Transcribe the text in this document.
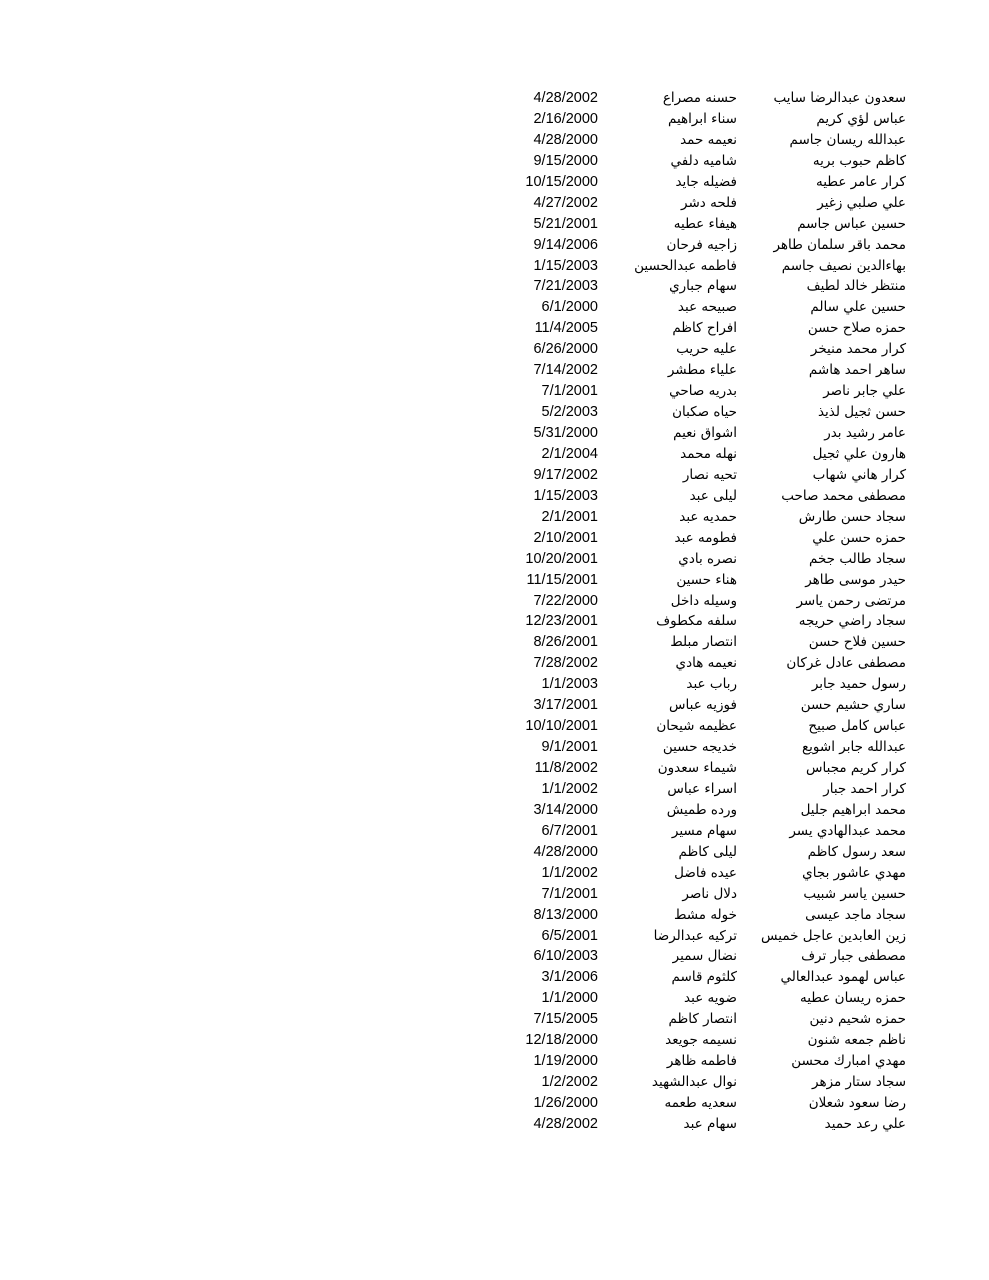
سعدون عبدالرضا سايب
حسنه مصراع
4/28/2002
عباس لؤي كريم
سناء ابراهيم
2/16/2000
عبدالله ريسان جاسم
نعيمه حمد
4/28/2000
كاظم حبوب بريه
شاميه دلفي
9/15/2000
كرار عامر عطيه
فضيله جايد
10/15/2000
علي صلبي زغير
فلحه دشر
4/27/2002
حسين عباس جاسم
هيفاء عطيه
5/21/2001
محمد باقر سلمان طاهر
زاجيه فرحان
9/14/2006
بهاءالدين نصيف جاسم
فاطمه عبدالحسين
1/15/2003
منتظر خالد لطيف
سهام جباري
7/21/2003
حسين علي سالم
صبيحه عبد
6/1/2000
حمزه صلاح حسن
افراح كاظم
11/4/2005
كرار محمد منيخر
عليه حريب
6/26/2000
ساهر احمد هاشم
علياء مطشر
7/14/2002
علي جابر ناصر
بدريه صاحي
7/1/2001
حسن ثجيل لذيذ
حياه صكبان
5/2/2003
عامر رشيد بدر
اشواق نعيم
5/31/2000
هارون علي ثجيل
نهله محمد
2/1/2004
كرار هاني شهاب
تحيه نصار
9/17/2002
مصطفى محمد صاحب
ليلى عبد
1/15/2003
سجاد حسن طارش
حمديه عبد
2/1/2001
حمزه حسن علي
فطومه عبد
2/10/2001
سجاد طالب جخم
نصره بادي
10/20/2001
حيدر موسى طاهر
هناء حسين
11/15/2001
مرتضى رحمن ياسر
وسيله داخل
7/22/2000
سجاد راضي حريجه
سلفه مكطوف
12/23/2001
حسين فلاح حسن
انتصار مبلط
8/26/2001
مصطفى عادل غركان
نعيمه هادي
7/28/2002
رسول حميد جابر
رباب عبد
1/1/2003
ساري حشيم حسن
فوزيه عباس
3/17/2001
عباس كامل صبيح
عظيمه شيحان
10/10/2001
عبدالله جابر اشويع
خديجه حسين
9/1/2001
كرار كريم مجباس
شيماء سعدون
11/8/2002
كرار احمد جبار
اسراء عباس
1/1/2002
محمد ابراهيم جليل
ورده طميش
3/14/2000
محمد عبدالهادي يسر
سهام مسير
6/7/2001
سعد رسول كاظم
ليلى كاظم
4/28/2000
مهدي عاشور بجاي
عيده فاضل
1/1/2002
حسين ياسر شبيب
دلال ناصر
7/1/2001
سجاد ماجد عيسى
خوله مشط
8/13/2000
زين العابدين عاجل خميس
تركيه عبدالرضا
6/5/2001
مصطفى جبار ترف
نضال سمير
6/10/2003
عباس لهمود عبدالعالي
كلثوم قاسم
3/1/2006
حمزه ريسان عطيه
ضويه عبد
1/1/2000
حمزه شحيم دنين
انتصار كاظم
7/15/2005
ناظم جمعه شنون
نسيمه جويعد
12/18/2000
مهدي امبارك محسن
فاطمه ظاهر
1/19/2000
سجاد ستار مزهر
نوال عبدالشهيد
1/2/2002
رضا سعود شعلان
سعديه طعمه
1/26/2000
علي رعد حميد
سهام عبد
4/28/2002
